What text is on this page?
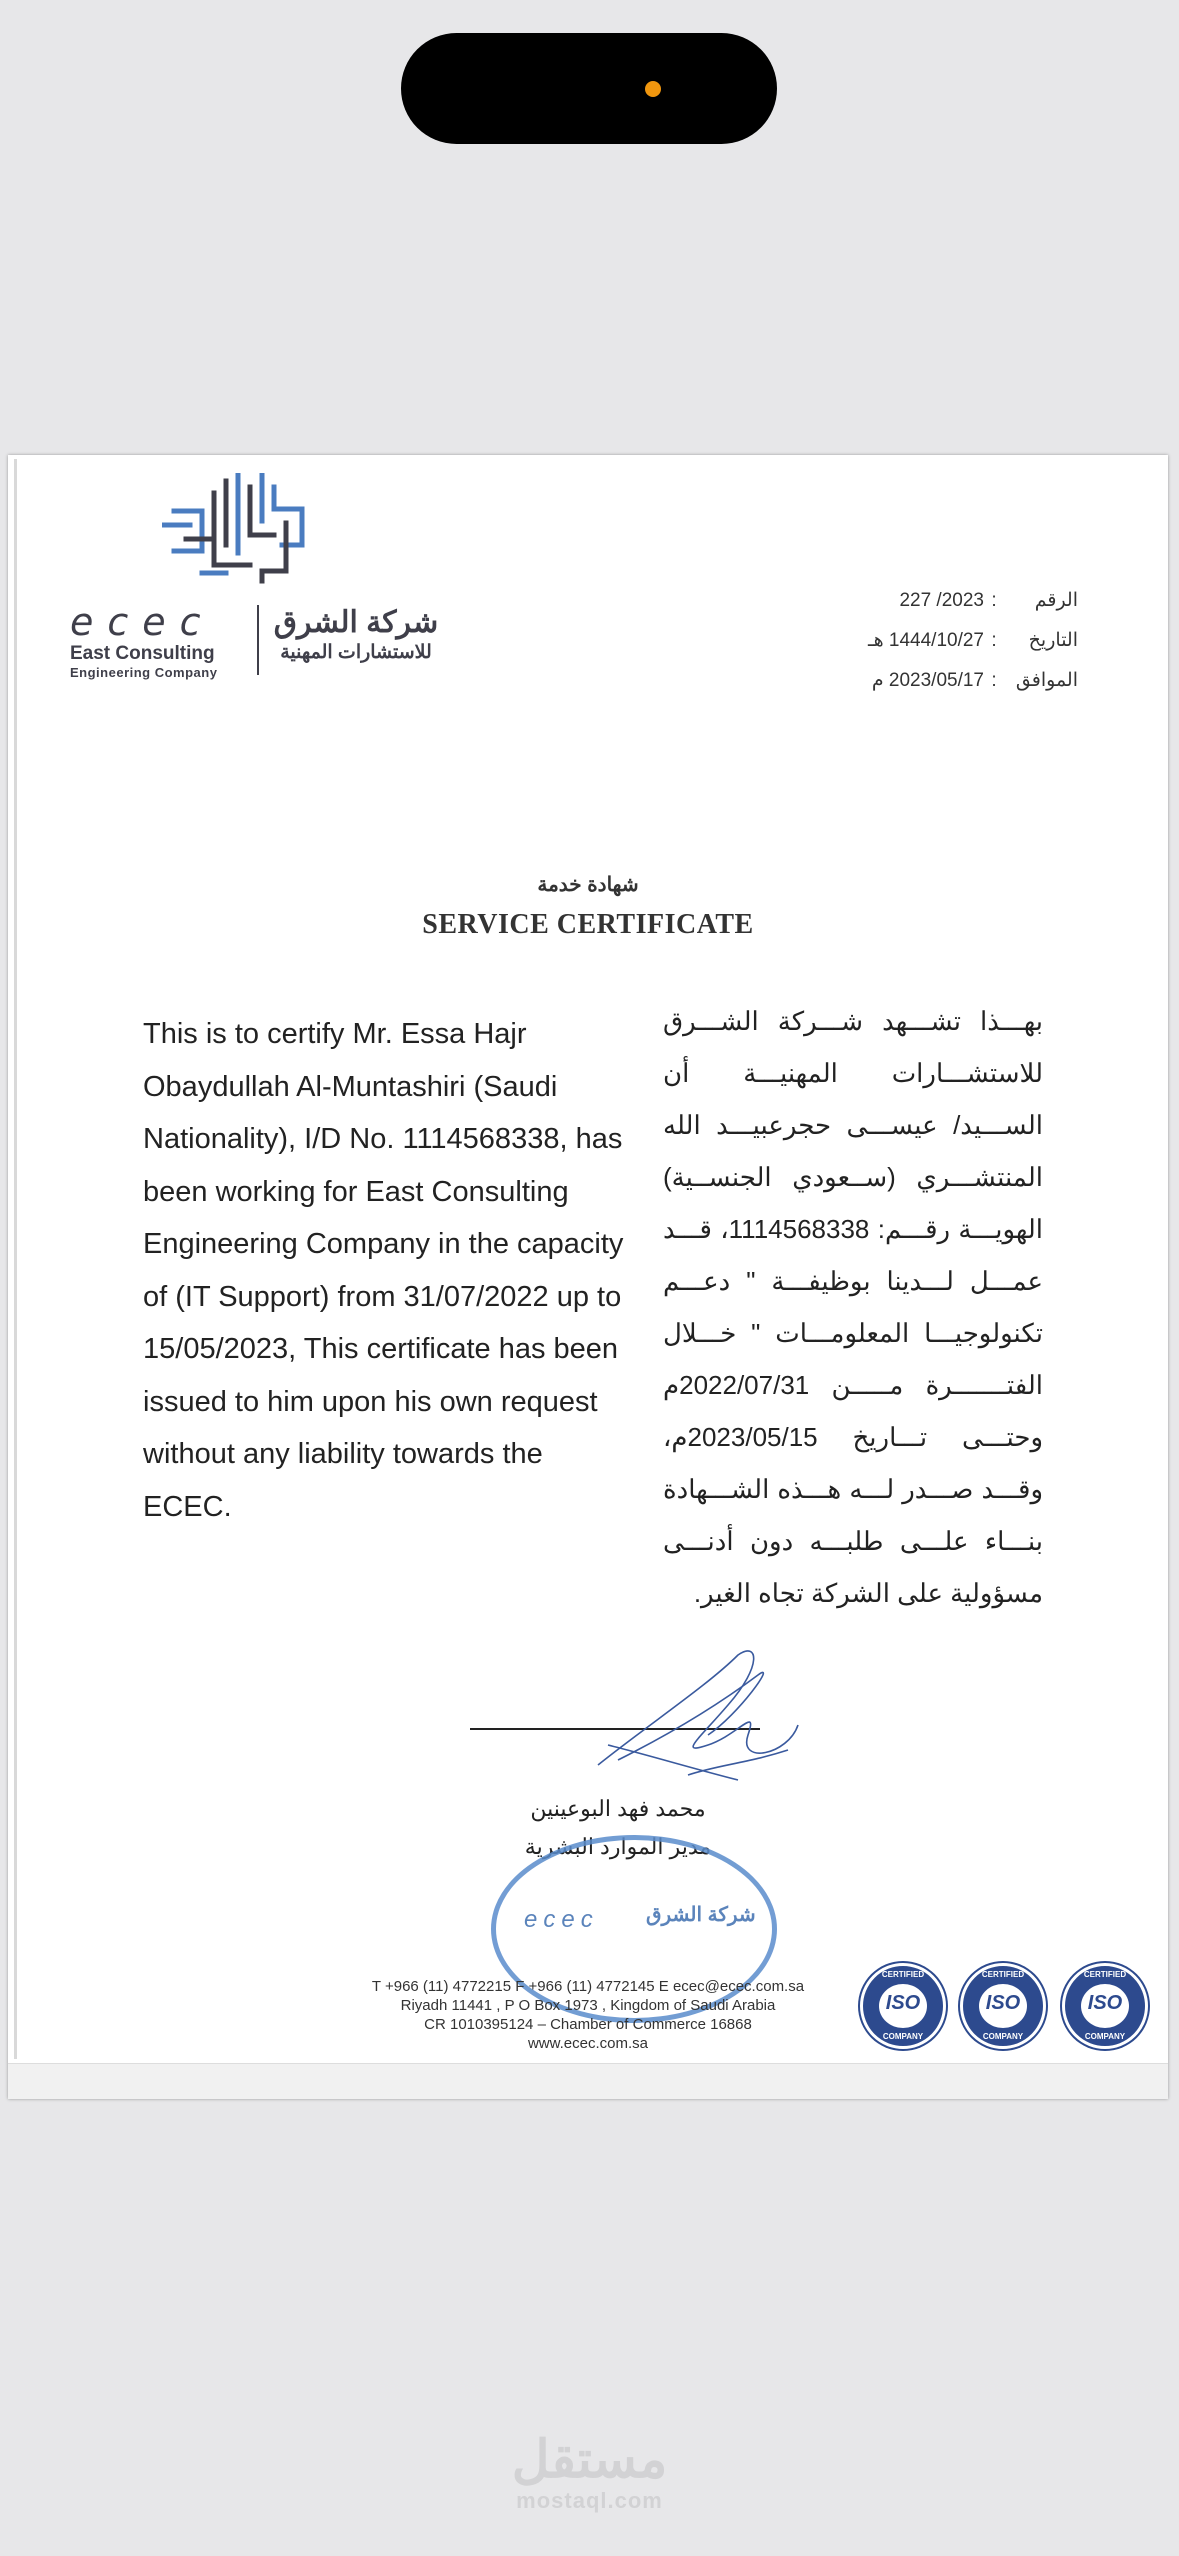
ecec
East Consulting
Engineering Company
شركة الشرق
للاستشارات المهنية
الرقم:2023/ 227
التاريخ:1444/10/27 هـ
الموافق:2023/05/17 م
شهادة خدمة
SERVICE CERTIFICATE
This is to certify Mr. Essa Hajr Obaydullah Al-Muntashiri (Saudi Nationality), I/D No. 1114568338, has been working for East Consulting Engineering Company in the capacity of (IT Support) from 31/07/2022 up to 15/05/2023, This certificate has been issued to him upon his own request without any liability towards the ECEC.
بهـــذا تشـــهد شـــركة الشـــرق للاستشـــارات المهنيـــة أن الســـيد/ عيســـى حجرعبيـــد الله المنتشـــري (ســعودي الجنســية) الهويـــة رقـــم: 1114568338، قـــد عمـــل لـــدينا بوظيفـــة " دعـــم تكنولوجيـــا المعلومـــات " خـــلال الفتـــــــرة مـــــن 2022/07/31م وحتـــى تـــاريخ 2023/05/15م، وقـــد صـــدر لـــه هـــذه الشـــهادة بنـــاء علـــى طلبـــه دون أدنـــى مسؤولية على الشركة تجاه الغير.
محمد فهد البوعينين
مدير الموارد البشرية
شركة الشرق
ecec
T +966 (11) 4772215 F +966 (11) 4772145 E ecec@ecec.com.sa
Riyadh 11441 , P O Box 1973 , Kingdom of Saudi Arabia
CR 1010395124 – Chamber of Commerce 16868
www.ecec.com.sa
CERTIFIED
ISO
COMPANY
CERTIFIED
ISO
COMPANY
CERTIFIED
ISO
COMPANY
مستقل
mostaql.com
